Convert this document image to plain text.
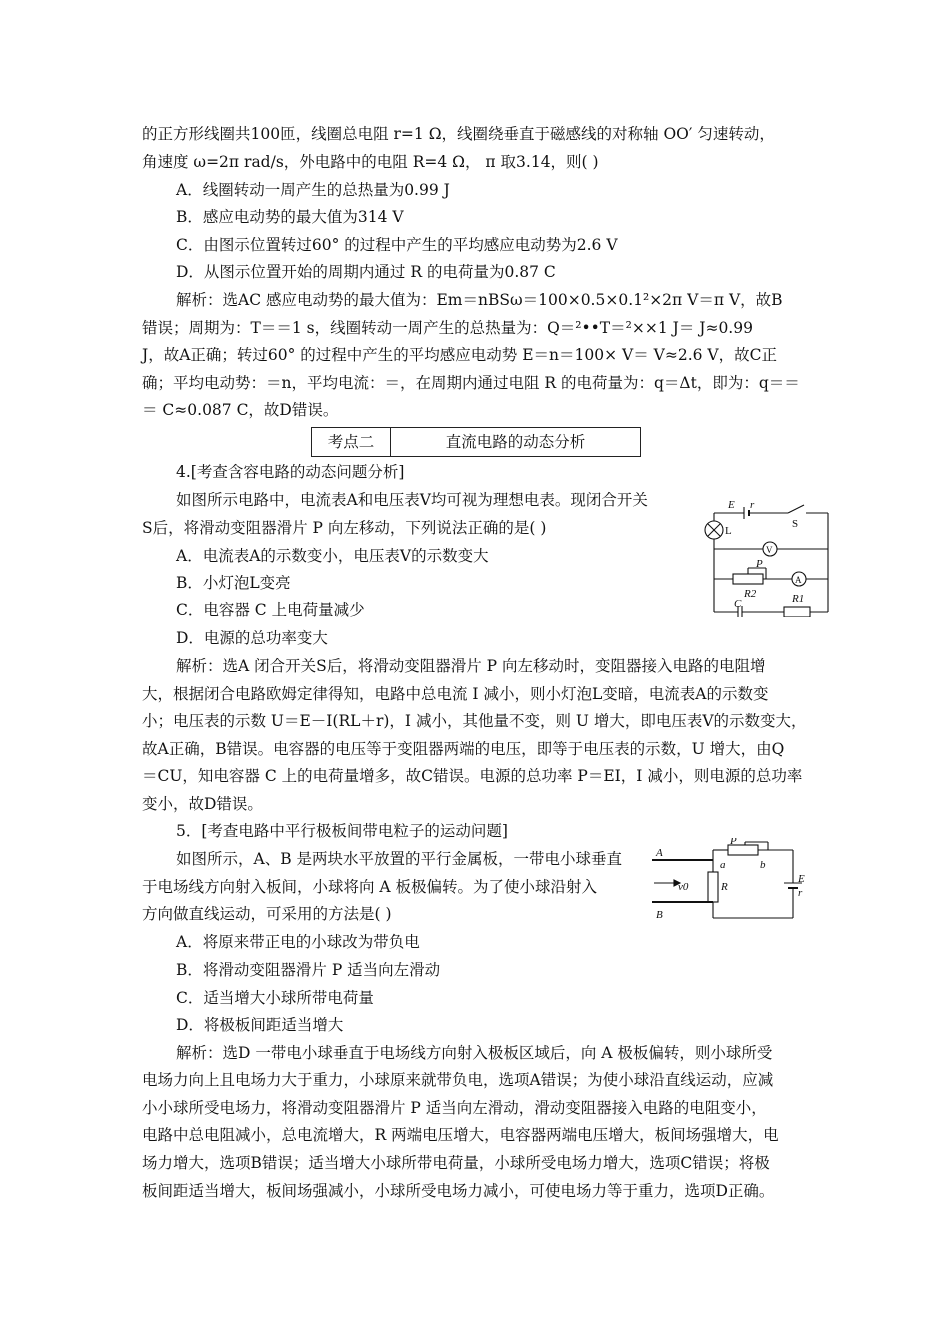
的正方形线圈共100匝，线圈总电阻 r=1 Ω，线圈绕垂直于磁感线的对称轴 OO′ 匀速转动，
角速度 ω=2π rad/s，外电路中的电阻 R=4 Ω， π 取3.14，则( )
A．线圈转动一周产生的总热量为0.99 J
B．感应电动势的最大值为314 V
C．由图示位置转过60° 的过程中产生的平均感应电动势为2.6 V
D．从图示位置开始的周期内通过 R 的电荷量为0.87 C
解析：选AC 感应电动势的最大值为：Em＝nBSω＝100×0.5×0.1²×2π V＝π V，故B
错误；周期为：T＝＝1 s，线圈转动一周产生的总热量为：Q＝²••T＝²××1 J＝ J≈0.99
J，故A正确；转过60° 的过程中产生的平均感应电动势 E＝n＝100× V＝ V≈2.6 V，故C正
确；平均电动势：＝n，平均电流：＝，在周期内通过电阻 R 的电荷量为：q＝Δt，即为：q＝＝
＝ C≈0.087 C，故D错误。
考点二	直流电路的动态分析
4.[考查含容电路的动态问题分析]
如图所示电路中，电流表A和电压表V均可视为理想电表。现闭合开关
S后，将滑动变阻器滑片 P 向左移动，下列说法正确的是( )
A．电流表A的示数变小，电压表V的示数变大
B．小灯泡L变亮
C．电容器 C 上电荷量减少
D．电源的总功率变大
解析：选A 闭合开关S后，将滑动变阻器滑片 P 向左移动时，变阻器接入电路的电阻增
大，根据闭合电路欧姆定律得知，电路中总电流 I 减小，则小灯泡L变暗，电流表A的示数变
小；电压表的示数 U＝E－I(RL＋r)，I 减小，其他量不变，则 U 增大，即电压表V的示数变大，
故A正确，B错误。电容器的电压等于变阻器两端的电压，即等于电压表的示数，U 增大，由Q
＝CU，知电容器 C 上的电荷量增多，故C错误。电源的总功率 P＝EI，I 减小，则电源的总功率
变小，故D错误。
5．[考查电路中平行极板间带电粒子的运动问题]
如图所示，A、B 是两块水平放置的平行金属板，一带电小球垂直
于电场线方向射入板间，小球将向 A 板极偏转。为了使小球沿射入
方向做直线运动，可采用的方法是( )
A．将原来带正电的小球改为带负电
B．将滑动变阻器滑片 P 适当向左滑动
C．适当增大小球所带电荷量
D．将极板间距适当增大
解析：选D 一带电小球垂直于电场线方向射入极板区域后，向 A 极板偏转，则小球所受
电场力向上且电场力大于重力，小球原来就带负电，选项A错误；为使小球沿直线运动，应减
小小球所受电场力，将滑动变阻器滑片 P 适当向左滑动，滑动变阻器接入电路的电阻变小，
电路中总电阻减小，总电流增大，R 两端电压增大，电容器两端电压增大，板间场强增大，电
场力增大，选项B错误；适当增大小球所带电荷量，小球所受电场力增大，选项C错误；将极
板间距适当增大，板间场强减小，小球所受电场力减小，可使电场力等于重力，选项D正确。
E r
S
L
V
P
A
R2
C	R1
P
A
a	b
E
v0	R	r
B
